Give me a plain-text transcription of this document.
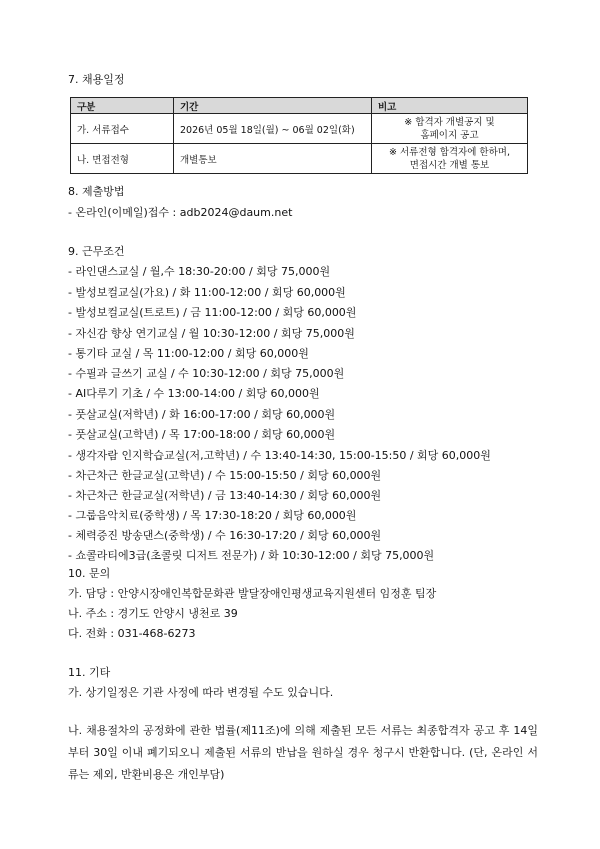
7. 채용일정
구분	기간	비고
가. 서류접수	2026년 05월 18일(월) ~ 06월 02일(화)	※ 합격자 개별공지 및
홈페이지 공고

나. 면접전형	개별통보	※ 서류전형 합격자에 한하며,
면접시간 개별 통보
8. 제출방법
- 온라인(이메일)접수 : adb2024@daum.net
9. 근무조건
- 라인댄스교실 / 월,수 18:30-20:00 / 회당 75,000원
- 발성보컬교실(가요) / 화 11:00-12:00 / 회당 60,000원
- 발성보컬교실(트로트) / 금 11:00-12:00 / 회당 60,000원
- 자신감 향상 연기교실 / 월 10:30-12:00 / 회당 75,000원
- 통기타 교실 / 목 11:00-12:00 / 회당 60,000원
- 수필과 글쓰기 교실 / 수 10:30-12:00 / 회당 75,000원
- AI다루기 기초 / 수 13:00-14:00 / 회당 60,000원
- 풋살교실(저학년) / 화 16:00-17:00 / 회당 60,000원
- 풋살교실(고학년) / 목 17:00-18:00 / 회당 60,000원
- 생각자람 인지학습교실(저,고학년) / 수 13:40-14:30, 15:00-15:50 / 회당 60,000원
- 차근차근 한글교실(고학년) / 수 15:00-15:50 / 회당 60,000원
- 차근차근 한글교실(저학년) / 금 13:40-14:30 / 회당 60,000원
- 그룹음악치료(중학생) / 목 17:30-18:20 / 회당 60,000원
- 체력증진 방송댄스(중학생) / 수 16:30-17:20 / 회당 60,000원
- 쇼콜라티에3급(초콜릿 디저트 전문가) / 화 10:30-12:00 / 회당 75,000원
10. 문의
가. 담당 : 안양시장애인복합문화관 발달장애인평생교육지원센터 임정훈 팀장
나. 주소 : 경기도 안양시 냉천로 39
다. 전화 : 031-468-6273
11. 기타
가. 상기일정은 기관 사정에 따라 변경될 수도 있습니다.
나. 채용절차의 공정화에 관한 법률(제11조)에 의해 제출된 모든 서류는 최종합격자 공고 후 14일부터 30일 이내 폐기되오니 제출된 서류의 반납을 원하실 경우 청구시 반환합니다. (단, 온라인 서류는 제외, 반환비용은 개인부담)
